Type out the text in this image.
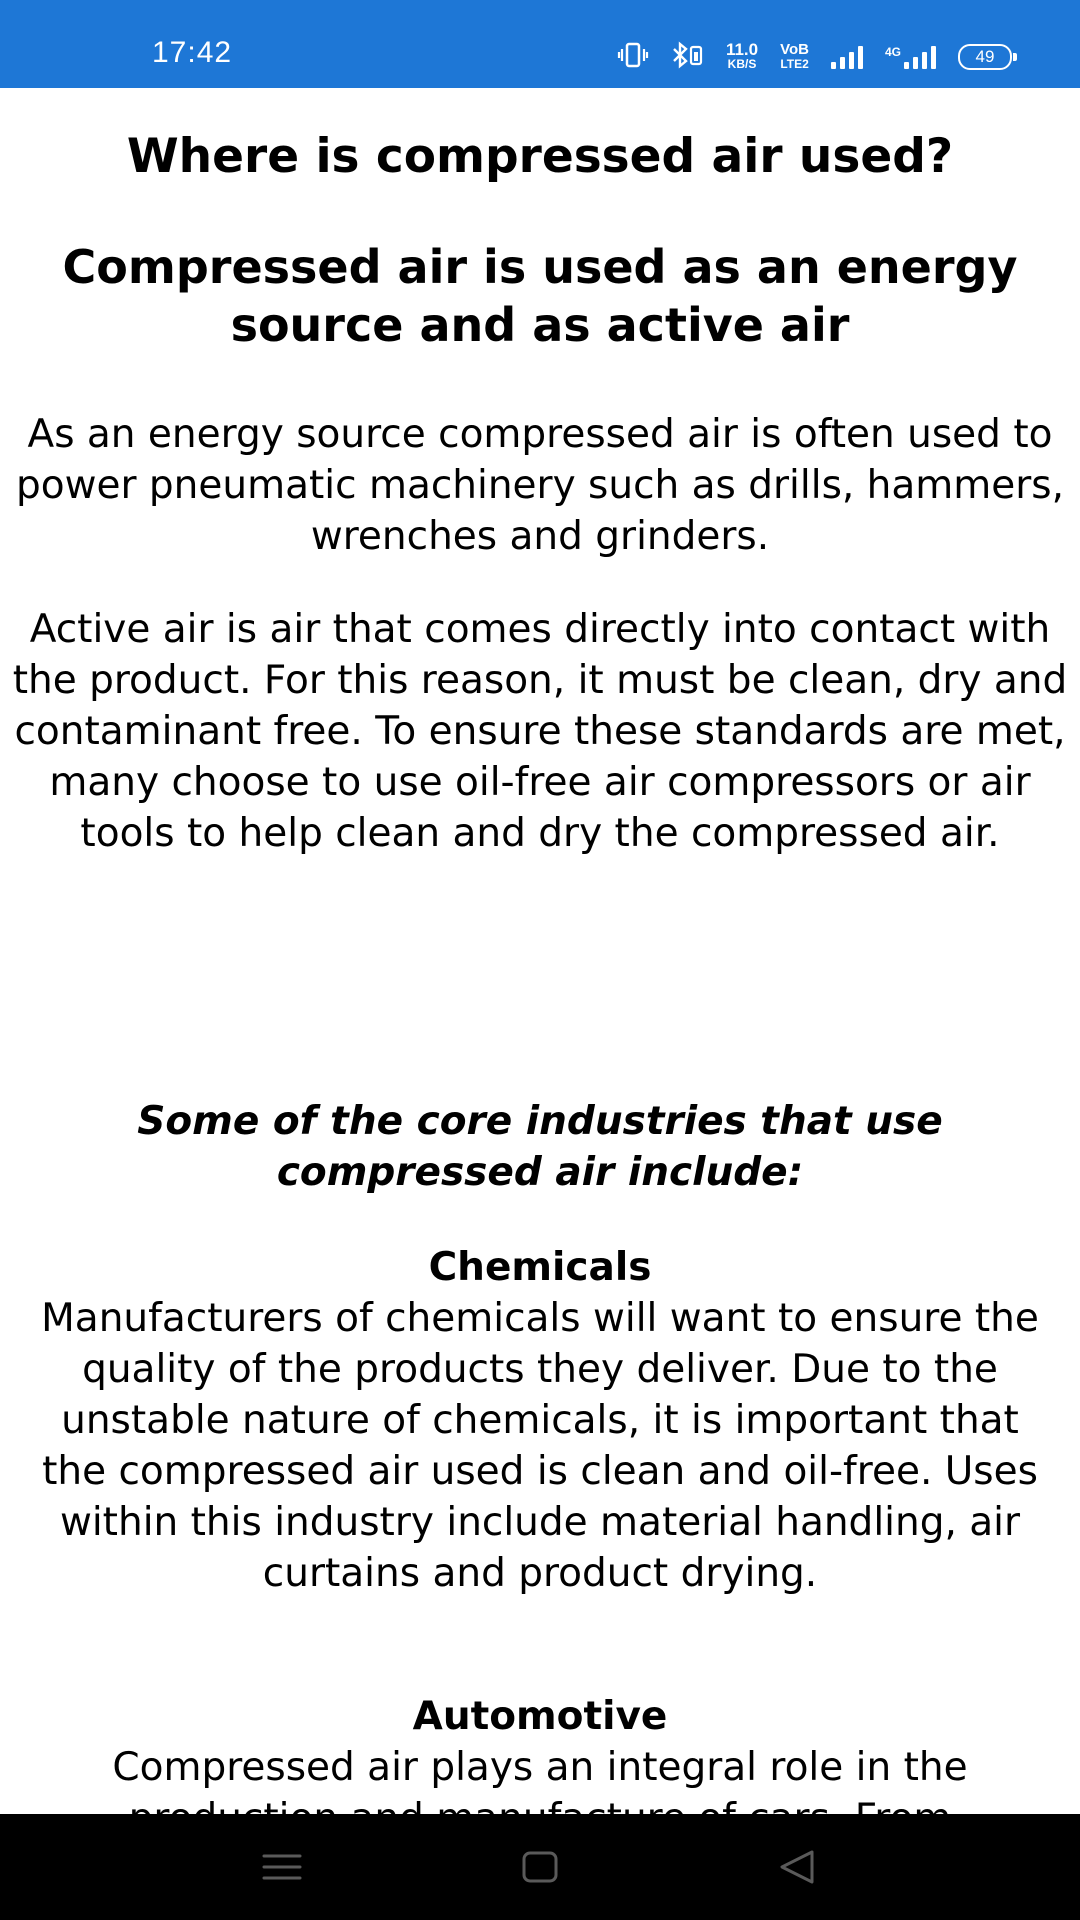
17:42	11.0
KB/S
VoB
LTE2
4G	49
Where is compressed air used?
Compressed air is used as an energy source and as active air

As an energy source compressed air is often used to power pneumatic machinery such as drills, hammers, wrenches and grinders.

Active air is air that comes directly into contact with the product. For this reason, it must be clean, dry and contaminant free. To ensure these standards are met, many choose to use oil-free air compressors or air tools to help clean and dry the compressed air.

Some of the core industries that use compressed air include:

Chemicals

Manufacturers of chemicals will want to ensure the quality of the products they deliver. Due to the unstable nature of chemicals, it is important that the compressed air used is clean and oil-free. Uses within this industry include material handling, air curtains and product drying.

Automotive

Compressed air plays an integral role in the
